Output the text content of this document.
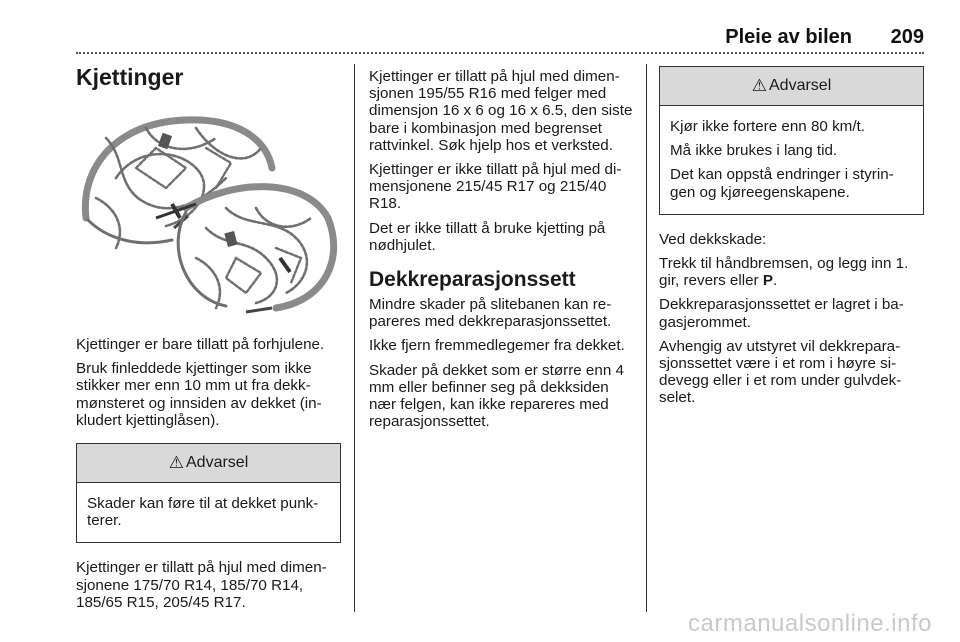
Pleie av bilen 209
Kjettinger

Kjettinger er bare tillatt på forhjulene.

Bruk finleddede kjettinger som ikke stikker mer enn 10 mm ut fra dekkmønsteret og innsiden av dekket (inkludert kjettinglåsen).

⚠ Advarsel

Skader kan føre til at dekket punkterer.

Kjettinger er tillatt på hjul med dimensjonene 175/70 R14, 185/70 R14, 185/65 R15, 205/45 R17.

Kjettinger er tillatt på hjul med dimensjonen 195/55 R16 med felger med dimensjon 16 x 6 og 16 x 6.5, den siste bare i kombinasjon med begrenset rattvinkel. Søk hjelp hos et verksted.

Kjettinger er ikke tillatt på hjul med dimensjonene 215/45 R17 og 215/40 R18.

Det er ikke tillatt å bruke kjetting på nødhjulet.

Dekkreparasjonssett

Mindre skader på slitebanen kan repareres med dekkreparasjonssettet.

Ikke fjern fremmedlegemer fra dekket.

Skader på dekket som er større enn 4 mm eller befinner seg på dekksiden nær felgen, kan ikke repareres med reparasjonssettet.

⚠ Advarsel

Kjør ikke fortere enn 80 km/t.

Må ikke brukes i lang tid.

Det kan oppstå endringer i styringen og kjøreegenskapene.

Ved dekkskade:

Trekk til håndbremsen, og legg inn 1. gir, revers eller P.

Dekkreparasjonssettet er lagret i bagasjerommet.

Avhengig av utstyret vil dekkreparasjonssettet være i et rom i høyre sidevegg eller i et rom under gulvdekselet.

carmanualsonline.info
